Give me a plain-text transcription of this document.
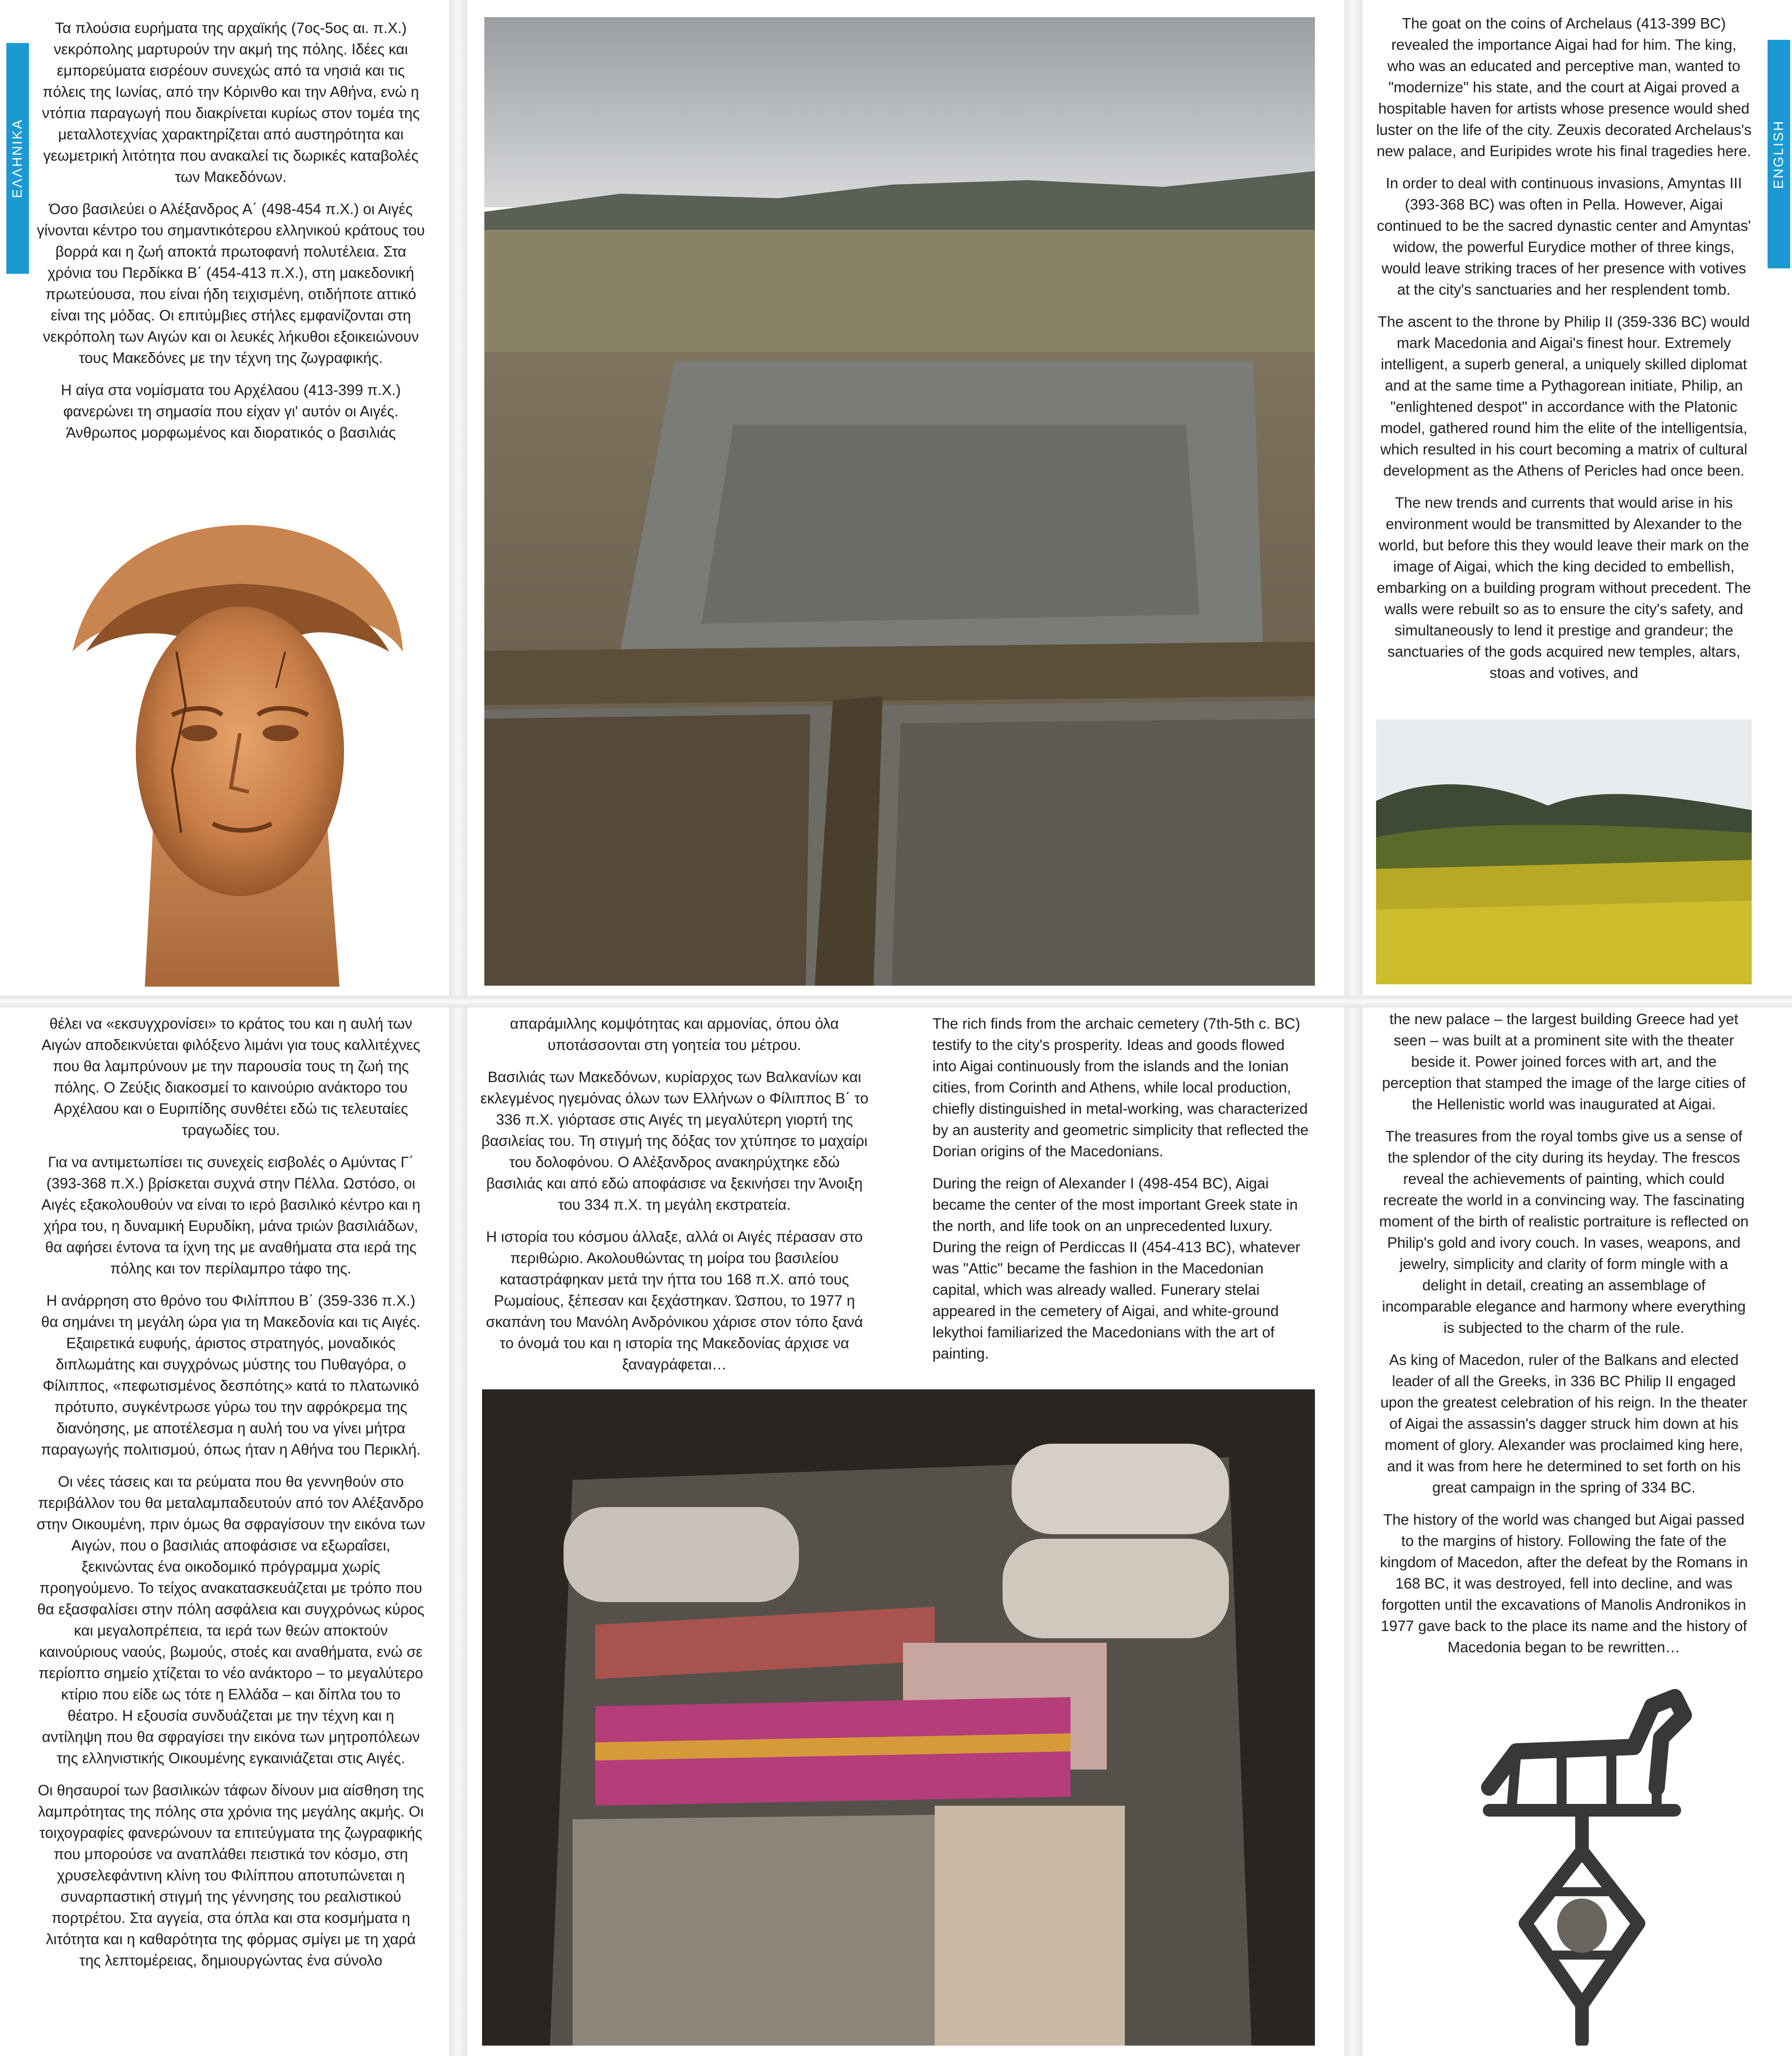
ΕΛΛΗΝΙΚΑ	ENGLISH

Τα πλούσια ευρήματα της αρχαϊκής (7ος-5ος αι. π.Χ.) νεκρόπολης μαρτυρούν την ακμή της πόλης. Ιδέες και εμπορεύματα εισρέουν συνεχώς από τα νησιά και τις πόλεις της Ιωνίας, από την Κόρινθο και την Αθήνα, ενώ η ντόπια παραγωγή που διακρίνεται κυρίως στον τομέα της μεταλλοτεχνίας χαρακτηρίζεται από αυστηρότητα και γεωμετρική λιτότητα που ανακαλεί τις δωρικές καταβολές των Μακεδόνων.

Όσο βασιλεύει ο Αλέξανδρος Α΄ (498-454 π.Χ.) οι Αιγές γίνονται κέντρο του σημαντικότερου ελληνικού κράτους του βορρά και η ζωή αποκτά πρωτοφανή πολυτέλεια. Στα χρόνια του Περδίκκα Β΄ (454-413 π.Χ.), στη μακεδονική πρωτεύουσα, που είναι ήδη τειχισμένη, οτιδήποτε αττικό είναι της μόδας. Οι επιτύμβιες στήλες εμφανίζονται στη νεκρόπολη των Αιγών και οι λευκές λήκυθοι εξοικειώνουν τους Μακεδόνες με την τέχνη της ζωγραφικής.

Η αίγα στα νομίσματα του Αρχέλαου (413-399 π.Χ.) φανερώνει τη σημασία που είχαν γι' αυτόν οι Αιγές. Άνθρωπος μορφωμένος και διορατικός ο βασιλιάς

The goat on the coins of Archelaus (413-399 BC) revealed the importance Aigai had for him. The king, who was an educated and perceptive man, wanted to "modernize" his state, and the court at Aigai proved a hospitable haven for artists whose presence would shed luster on the life of the city. Zeuxis decorated Archelaus's new palace, and Euripides wrote his final tragedies here.

In order to deal with continuous invasions, Amyntas III (393-368 BC) was often in Pella. However, Aigai continued to be the sacred dynastic center and Amyntas' widow, the powerful Eurydice mother of three kings, would leave striking traces of her presence with votives at the city's sanctuaries and her resplendent tomb.

The ascent to the throne by Philip II (359-336 BC) would mark Macedonia and Aigai's finest hour. Extremely intelligent, a superb general, a uniquely skilled diplomat and at the same time a Pythagorean initiate, Philip, an "enlightened despot" in accordance with the Platonic model, gathered round him the elite of the intelligentsia, which resulted in his court becoming a matrix of cultural development as the Athens of Pericles had once been.

The new trends and currents that would arise in his environment would be transmitted by Alexander to the world, but before this they would leave their mark on the image of Aigai, which the king decided to embellish, embarking on a building program without precedent. The walls were rebuilt so as to ensure the city's safety, and simultaneously to lend it prestige and grandeur; the sanctuaries of the gods acquired new temples, altars, stoas and votives, and

θέλει να «εκσυγχρονίσει» το κράτος του και η αυλή των Αιγών αποδεικνύεται φιλόξενο λιμάνι για τους καλλιτέχνες που θα λαμπρύνουν με την παρουσία τους τη ζωή της πόλης. Ο Ζεύξις διακοσμεί το καινούριο ανάκτορο του Αρχέλαου και ο Ευριπίδης συνθέτει εδώ τις τελευταίες τραγωδίες του.

Για να αντιμετωπίσει τις συνεχείς εισβολές ο Αμύντας Γ΄ (393-368 π.Χ.) βρίσκεται συχνά στην Πέλλα. Ωστόσο, οι Αιγές εξακολουθούν να είναι το ιερό βασιλικό κέντρο και η χήρα του, η δυναμική Ευρυδίκη, μάνα τριών βασιλιάδων, θα αφήσει έντονα τα ίχνη της με αναθήματα στα ιερά της πόλης και τον περίλαμπρο τάφο της.

Η ανάρρηση στο θρόνο του Φιλίππου Β΄ (359-336 π.Χ.) θα σημάνει τη μεγάλη ώρα για τη Μακεδονία και τις Αιγές. Εξαιρετικά ευφυής, άριστος στρατηγός, μοναδικός διπλωμάτης και συγχρόνως μύστης του Πυθαγόρα, ο Φίλιππος, «πεφωτισμένος δεσπότης» κατά το πλατωνικό πρότυπο, συγκέντρωσε γύρω του την αφρόκρεμα της διανόησης, με αποτέλεσμα η αυλή του να γίνει μήτρα παραγωγής πολιτισμού, όπως ήταν η Αθήνα του Περικλή.

Οι νέες τάσεις και τα ρεύματα που θα γεννηθούν στο περιβάλλον του θα μεταλαμπαδευτούν από τον Αλέξανδρο στην Οικουμένη, πριν όμως θα σφραγίσουν την εικόνα των Αιγών, που ο βασιλιάς αποφάσισε να εξωραΐσει, ξεκινώντας ένα οικοδομικό πρόγραμμα χωρίς προηγούμενο. Το τείχος ανακατασκευάζεται με τρόπο που θα εξασφαλίσει στην πόλη ασφάλεια και συγχρόνως κύρος και μεγαλοπρέπεια, τα ιερά των θεών αποκτούν καινούριους ναούς, βωμούς, στοές και αναθήματα, ενώ σε περίοπτο σημείο χτίζεται το νέο ανάκτορο – το μεγαλύτερο κτίριο που είδε ως τότε η Ελλάδα – και δίπλα του το θέατρο. Η εξουσία συνδυάζεται με την τέχνη και η αντίληψη που θα σφραγίσει την εικόνα των μητροπόλεων της ελληνιστικής Οικουμένης εγκαινιάζεται στις Αιγές.

Οι θησαυροί των βασιλικών τάφων δίνουν μια αίσθηση της λαμπρότητας της πόλης στα χρόνια της μεγάλης ακμής. Οι τοιχογραφίες φανερώνουν τα επιτεύγματα της ζωγραφικής που μπορούσε να αναπλάθει πειστικά τον κόσμο, στη χρυσελεφάντινη κλίνη του Φιλίππου αποτυπώνεται η συναρπαστική στιγμή της γέννησης του ρεαλιστικού πορτρέτου. Στα αγγεία, στα όπλα και στα κοσμήματα η λιτότητα και η καθαρότητα της φόρμας σμίγει με τη χαρά της λεπτομέρειας, δημιουργώντας ένα σύνολο

απαράμιλλης κομψότητας και αρμονίας, όπου όλα υποτάσσονται στη γοητεία του μέτρου.

Βασιλιάς των Μακεδόνων, κυρίαρχος των Βαλκανίων και εκλεγμένος ηγεμόνας όλων των Ελλήνων ο Φίλιππος Β΄ το 336 π.Χ. γιόρτασε στις Αιγές τη μεγαλύτερη γιορτή της βασιλείας του. Τη στιγμή της δόξας τον χτύπησε το μαχαίρι του δολοφόνου. Ο Αλέξανδρος ανακηρύχτηκε εδώ βασιλιάς και από εδώ αποφάσισε να ξεκινήσει την Άνοιξη του 334 π.Χ. τη μεγάλη εκστρατεία.

Η ιστορία του κόσμου άλλαξε, αλλά οι Αιγές πέρασαν στο περιθώριο. Ακολουθώντας τη μοίρα του βασιλείου καταστράφηκαν μετά την ήττα του 168 π.Χ. από τους Ρωμαίους, ξέπεσαν και ξεχάστηκαν. Ώσπου, το 1977 η σκαπάνη του Μανόλη Ανδρόνικου χάρισε στον τόπο ξανά το όνομά του και η ιστορία της Μακεδονίας άρχισε να ξαναγράφεται…

The rich finds from the archaic cemetery (7th-5th c. BC) testify to the city's prosperity. Ideas and goods flowed into Aigai continuously from the islands and the Ionian cities, from Corinth and Athens, while local production, chiefly distinguished in metal-working, was characterized by an austerity and geometric simplicity that reflected the Dorian origins of the Macedonians.

During the reign of Alexander I (498-454 BC), Aigai became the center of the most important Greek state in the north, and life took on an unprecedented luxury. During the reign of Perdiccas II (454-413 BC), whatever was "Attic" became the fashion in the Macedonian capital, which was already walled. Funerary stelai appeared in the cemetery of Aigai, and white-ground lekythoi familiarized the Macedonians with the art of painting.

the new palace – the largest building Greece had yet seen – was built at a prominent site with the theater beside it. Power joined forces with art, and the perception that stamped the image of the large cities of the Hellenistic world was inaugurated at Aigai.

The treasures from the royal tombs give us a sense of the splendor of the city during its heyday. The frescos reveal the achievements of painting, which could recreate the world in a convincing way. The fascinating moment of the birth of realistic portraiture is reflected on Philip's gold and ivory couch. In vases, weapons, and jewelry, simplicity and clarity of form mingle with a delight in detail, creating an assemblage of incomparable elegance and harmony where everything is subjected to the charm of the rule.

As king of Macedon, ruler of the Balkans and elected leader of all the Greeks, in 336 BC Philip II engaged upon the greatest celebration of his reign. In the theater of Aigai the assassin's dagger struck him down at his moment of glory. Alexander was proclaimed king here, and it was from here he determined to set forth on his great campaign in the spring of 334 BC.

The history of the world was changed but Aigai passed to the margins of history. Following the fate of the kingdom of Macedon, after the defeat by the Romans in 168 BC, it was destroyed, fell into decline, and was forgotten until the excavations of Manolis Andronikos in 1977 gave back to the place its name and the history of Macedonia began to be rewritten…
